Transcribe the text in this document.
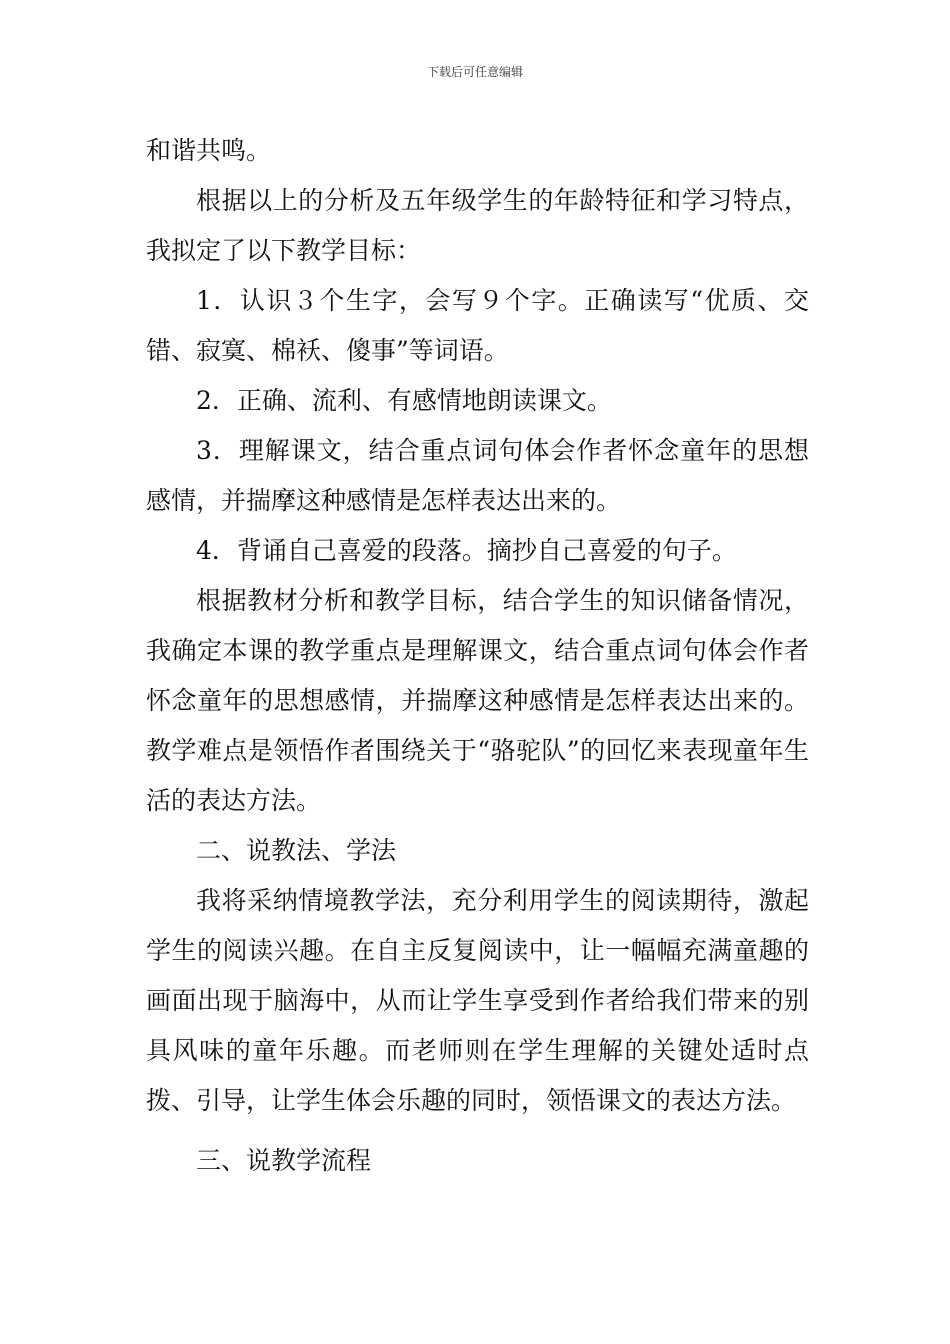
下载后可任意编辑

和谐共鸣。

根据以上的分析及五年级学生的年龄特征和学习特点，我拟定了以下教学目标：

1．认识３个生字，会写９个字。正确读写“优质、交错、寂寞、棉袄、傻事”等词语。

2．正确、流利、有感情地朗读课文。

3．理解课文，结合重点词句体会作者怀念童年的思想感情，并揣摩这种感情是怎样表达出来的。

4．背诵自己喜爱的段落。摘抄自己喜爱的句子。

根据教材分析和教学目标，结合学生的知识储备情况，我确定本课的教学重点是理解课文，结合重点词句体会作者怀念童年的思想感情，并揣摩这种感情是怎样表达出来的。教学难点是领悟作者围绕关于“骆驼队”的回忆来表现童年生活的表达方法。

二、说教法、学法

我将采纳情境教学法，充分利用学生的阅读期待，激起学生的阅读兴趣。在自主反复阅读中，让一幅幅充满童趣的画面出现于脑海中，从而让学生享受到作者给我们带来的别具风味的童年乐趣。而老师则在学生理解的关键处适时点拨、引导，让学生体会乐趣的同时，领悟课文的表达方法。

三、说教学流程
